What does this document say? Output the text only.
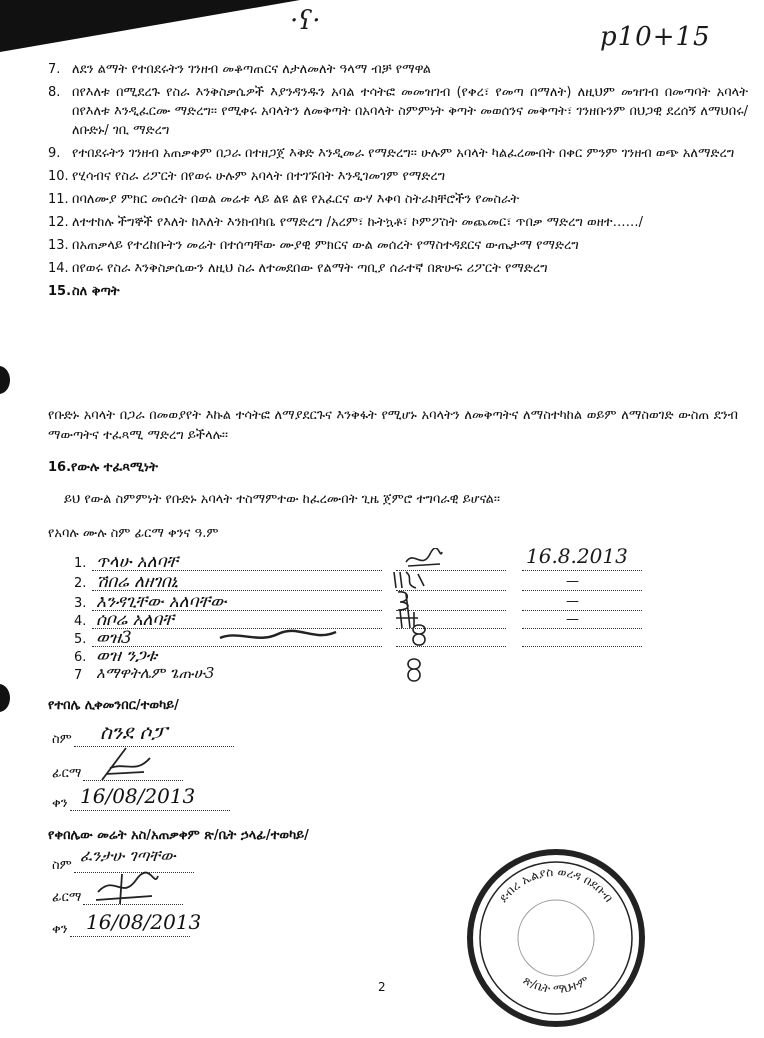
·ʕ·
p10+15
7. ለደን ልማት የተበደሩትን ገንዘብ መቆጣጠርና ለታለመለት ዓላማ ብቻ የማዋል
8. በየእለቱ በሚደረጉ የስራ እንቅስቃሴዎች እያንዳንዱን አባል ተሳትፎ መመዝገብ (የቀረ፣ የመጣ በማለት) ለዚህም መዝገብ በመጣባት አባላት በየእለቱ እንዲፈርሙ ማድረግ፡፡ የሚቀሩ አባላትን ለመቅጣት በአባላት ስምምነት ቅጣት መወሰንና መቅጣት፣ ገንዘቡንም በህጋዊ ደረሰኝ ለማህበሩ/ለቡድኑ/ ገቢ ማድረግ
9. የተበደሩትን ገንዘብ አጠቃቀም በጋራ በተዘጋጀ እቅድ እንዲመራ የማድረግ፡፡ ሁሉም አባላት ካልፈረሙበት በቀር ምንም ገንዘብ ወጭ አለማድረግ
10. የሂሳብና የስራ ሪፖርት በየወሩ ሁሉም አባላት በተገኙበት እንዲገመገም የማድረግ
11. በባለሙያ ምክር መሰረት በወል መሬቱ ላይ ልዩ ልዩ የአፈርና ውሃ እቀባ ስትራክቸሮችን የመስራት
12. ለተተከሉ ችግኞች የእለት ከእለት እንክብካቤ የማድረግ /አረም፣ ኩትኳቶ፣ ኮምፖስት መጨመር፣ ጥበቃ ማድረግ ወዘተ……/
13. በአጠቃላይ የተረከቡትን መሬት በተሰጣቸው ሙያዊ ምክርና ውል መሰረት የማስተዳደርና ውጤታማ የማድረግ
14. በየወሩ የስራ እንቅስቃሴውን ለዚህ ስራ ለተመደበው የልማት ጣቢያ ሰራተኛ በጽሁፍ ሪፖርት የማድረግ
15. ስለ ቅጣት
የቡድኑ አባላት በጋራ በመወያየት እኩል ተሳትፎ ለማያደርጉና እንቅፋት የሚሆኑ አባላትን ለመቅጣትና ለማስተካከል ወይም ለማስወገድ ውስጠ ደንብ ማውጣትና ተፈጻሚ ማድረግ ይችላሉ፡፡
16.የውሉ ተፈጻሚነት
ይህ የውል ስምምነት የቡድኑ አባላት ተስማምተው ከፈረሙበት ጊዜ ጀምሮ ተግባራዊ ይሆናል፡፡
የአባሉ ሙሉ ስም ፊርማ ቀንና ዓ.ም
1. ጥላሁ አለባቸ	16.8.2013
2. ሽበሬ ለዘገበኒ	—
3. እንዳጊቸው አለባቸው	—
4. ሰቦሬ አለባቸ	—
5. ወዝ3
6. ወዝ ንጋቱ
7 እማዋትሌም ጌጡሁ3
የተበሌ ሊቀመንበር/ተወካይ/
ስም ስንደ ሶፓ
ፊርማ
ቀን 16/08/2013
የቀበሌው መሬት አስ/አጠቃቀም ጽ/ቤት ኃላፊ/ተወካይ/
ስም
ፈንታሁ ገጣቸው
ፊርማ
ቀን 16/08/2013
ደብረ ኤልያስ ወረዳ በደቡብ
ጽ/ቤት ማህተም
2
